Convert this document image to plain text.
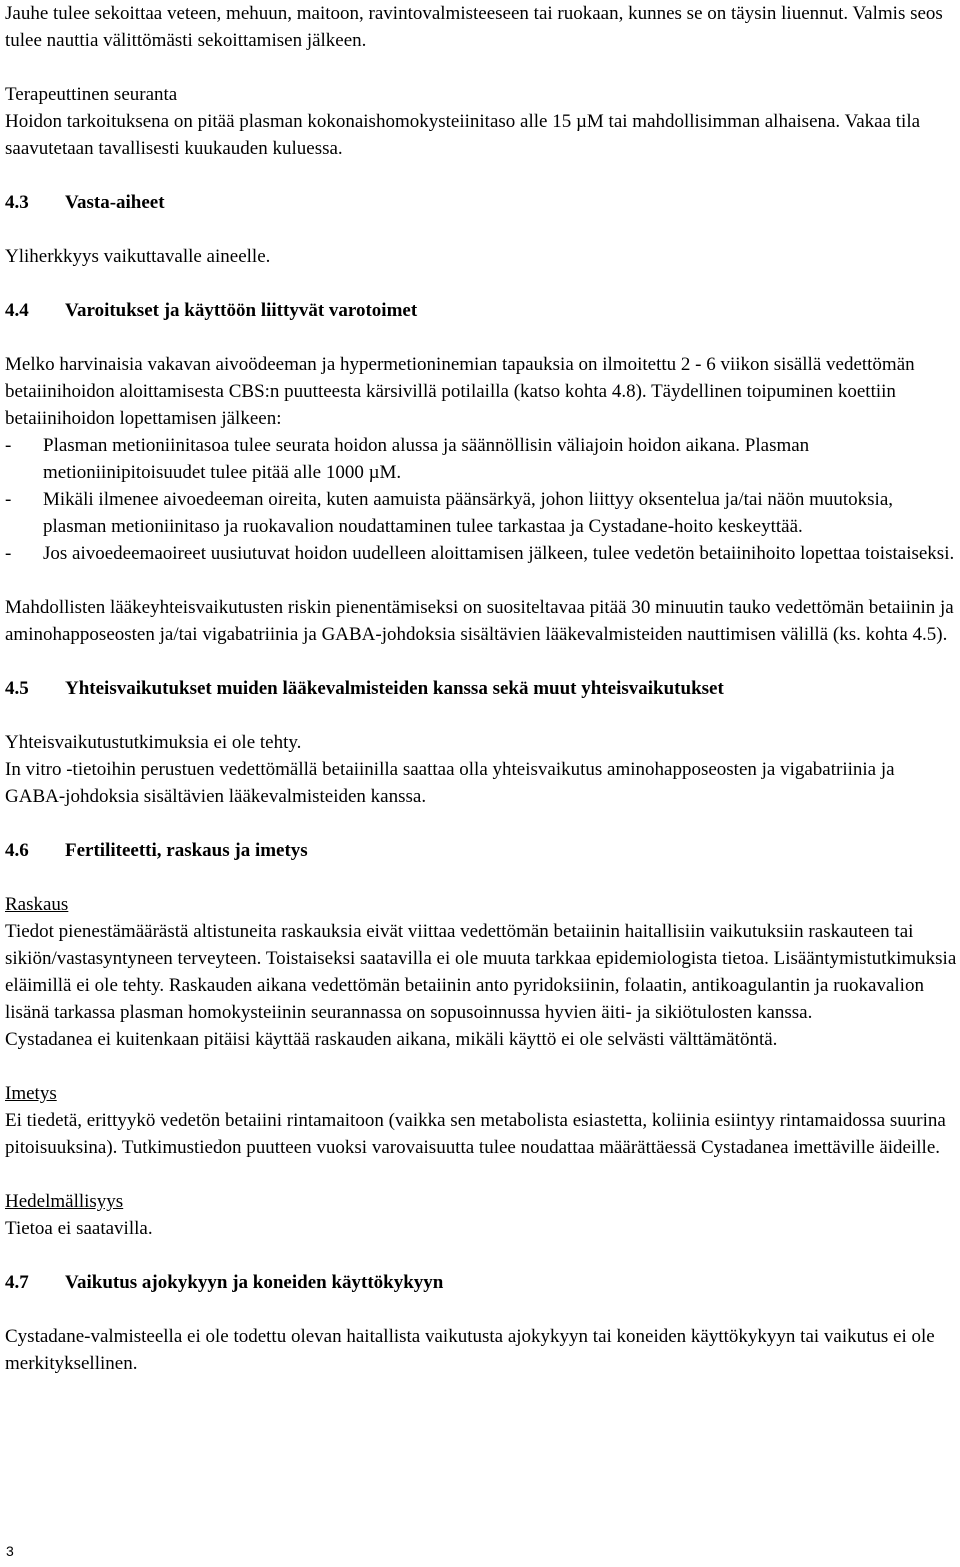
Jauhe tulee sekoittaa veteen, mehuun, maitoon, ravintovalmisteeseen tai ruokaan, kunnes se on täysin liuennut. Valmis seos tulee nauttia välittömästi sekoittamisen jälkeen.

Terapeuttinen seuranta

Hoidon tarkoituksena on pitää plasman kokonaishomokysteiinitaso alle 15 µM tai mahdollisimman alhaisena. Vakaa tila saavutetaan tavallisesti kuukauden kuluessa.

4.3	Vasta-aiheet

Yliherkkyys vaikuttavalle aineelle.

4.4	Varoitukset ja käyttöön liittyvät varotoimet

Melko harvinaisia vakavan aivoödeeman ja hypermetioninemian tapauksia on ilmoitettu 2 - 6 viikon sisällä vedettömän betaiinihoidon aloittamisesta CBS:n puutteesta kärsivillä potilailla (katso kohta 4.8). Täydellinen toipuminen koettiin betaiinihoidon lopettamisen jälkeen:

-	Plasman metioniinitasoa tulee seurata hoidon alussa ja säännöllisin väliajoin hoidon aikana. Plasman metioniinipitoisuudet tulee pitää alle 1000 µM.
-	Mikäli ilmenee aivoedeeman oireita, kuten aamuista päänsärkyä, johon liittyy oksentelua ja/tai näön muutoksia, plasman metioniinitaso ja ruokavalion noudattaminen tulee tarkastaa ja Cystadane-hoito keskeyttää.
-	Jos aivoedeemaoireet uusiutuvat hoidon uudelleen aloittamisen jälkeen, tulee vedetön betaiinihoito lopettaa toistaiseksi.

Mahdollisten lääkeyhteisvaikutusten riskin pienentämiseksi on suositeltavaa pitää 30 minuutin tauko vedettömän betaiinin ja aminohapposeosten ja/tai vigabatriinia ja GABA-johdoksia sisältävien lääkevalmisteiden nauttimisen välillä (ks. kohta 4.5).

4.5	Yhteisvaikutukset muiden lääkevalmisteiden kanssa sekä muut yhteisvaikutukset

Yhteisvaikutustutkimuksia ei ole tehty.

In vitro -tietoihin perustuen vedettömällä betaiinilla saattaa olla yhteisvaikutus aminohapposeosten ja vigabatriinia ja GABA-johdoksia sisältävien lääkevalmisteiden kanssa.

4.6	Fertiliteetti, raskaus ja imetys

Raskaus

Tiedot pienestämäärästä altistuneita raskauksia eivät viittaa vedettömän betaiinin haitallisiin vaikutuksiin raskauteen tai sikiön/vastasyntyneen terveyteen. Toistaiseksi saatavilla ei ole muuta tarkkaa epidemiologista tietoa. Lisääntymistutkimuksia eläimillä ei ole tehty. Raskauden aikana vedettömän betaiinin anto pyridoksiinin, folaatin, antikoagulantin ja ruokavalion lisänä tarkassa plasman homokysteiinin seurannassa on sopusoinnussa hyvien äiti- ja sikiötulosten kanssa.

Cystadanea ei kuitenkaan pitäisi käyttää raskauden aikana, mikäli käyttö ei ole selvästi välttämätöntä.

Imetys

Ei tiedetä, erittyykö vedetön betaiini rintamaitoon (vaikka sen metabolista esiastetta, koliinia esiintyy rintamaidossa suurina pitoisuuksina). Tutkimustiedon puutteen vuoksi varovaisuutta tulee noudattaa määrättäessä Cystadanea imettäville äideille.

Hedelmällisyys

Tietoa ei saatavilla.

4.7	Vaikutus ajokykyyn ja koneiden käyttökykyyn

Cystadane-valmisteella ei ole todettu olevan haitallista vaikutusta ajokykyyn tai koneiden käyttökykyyn tai vaikutus ei ole merkityksellinen.

3
